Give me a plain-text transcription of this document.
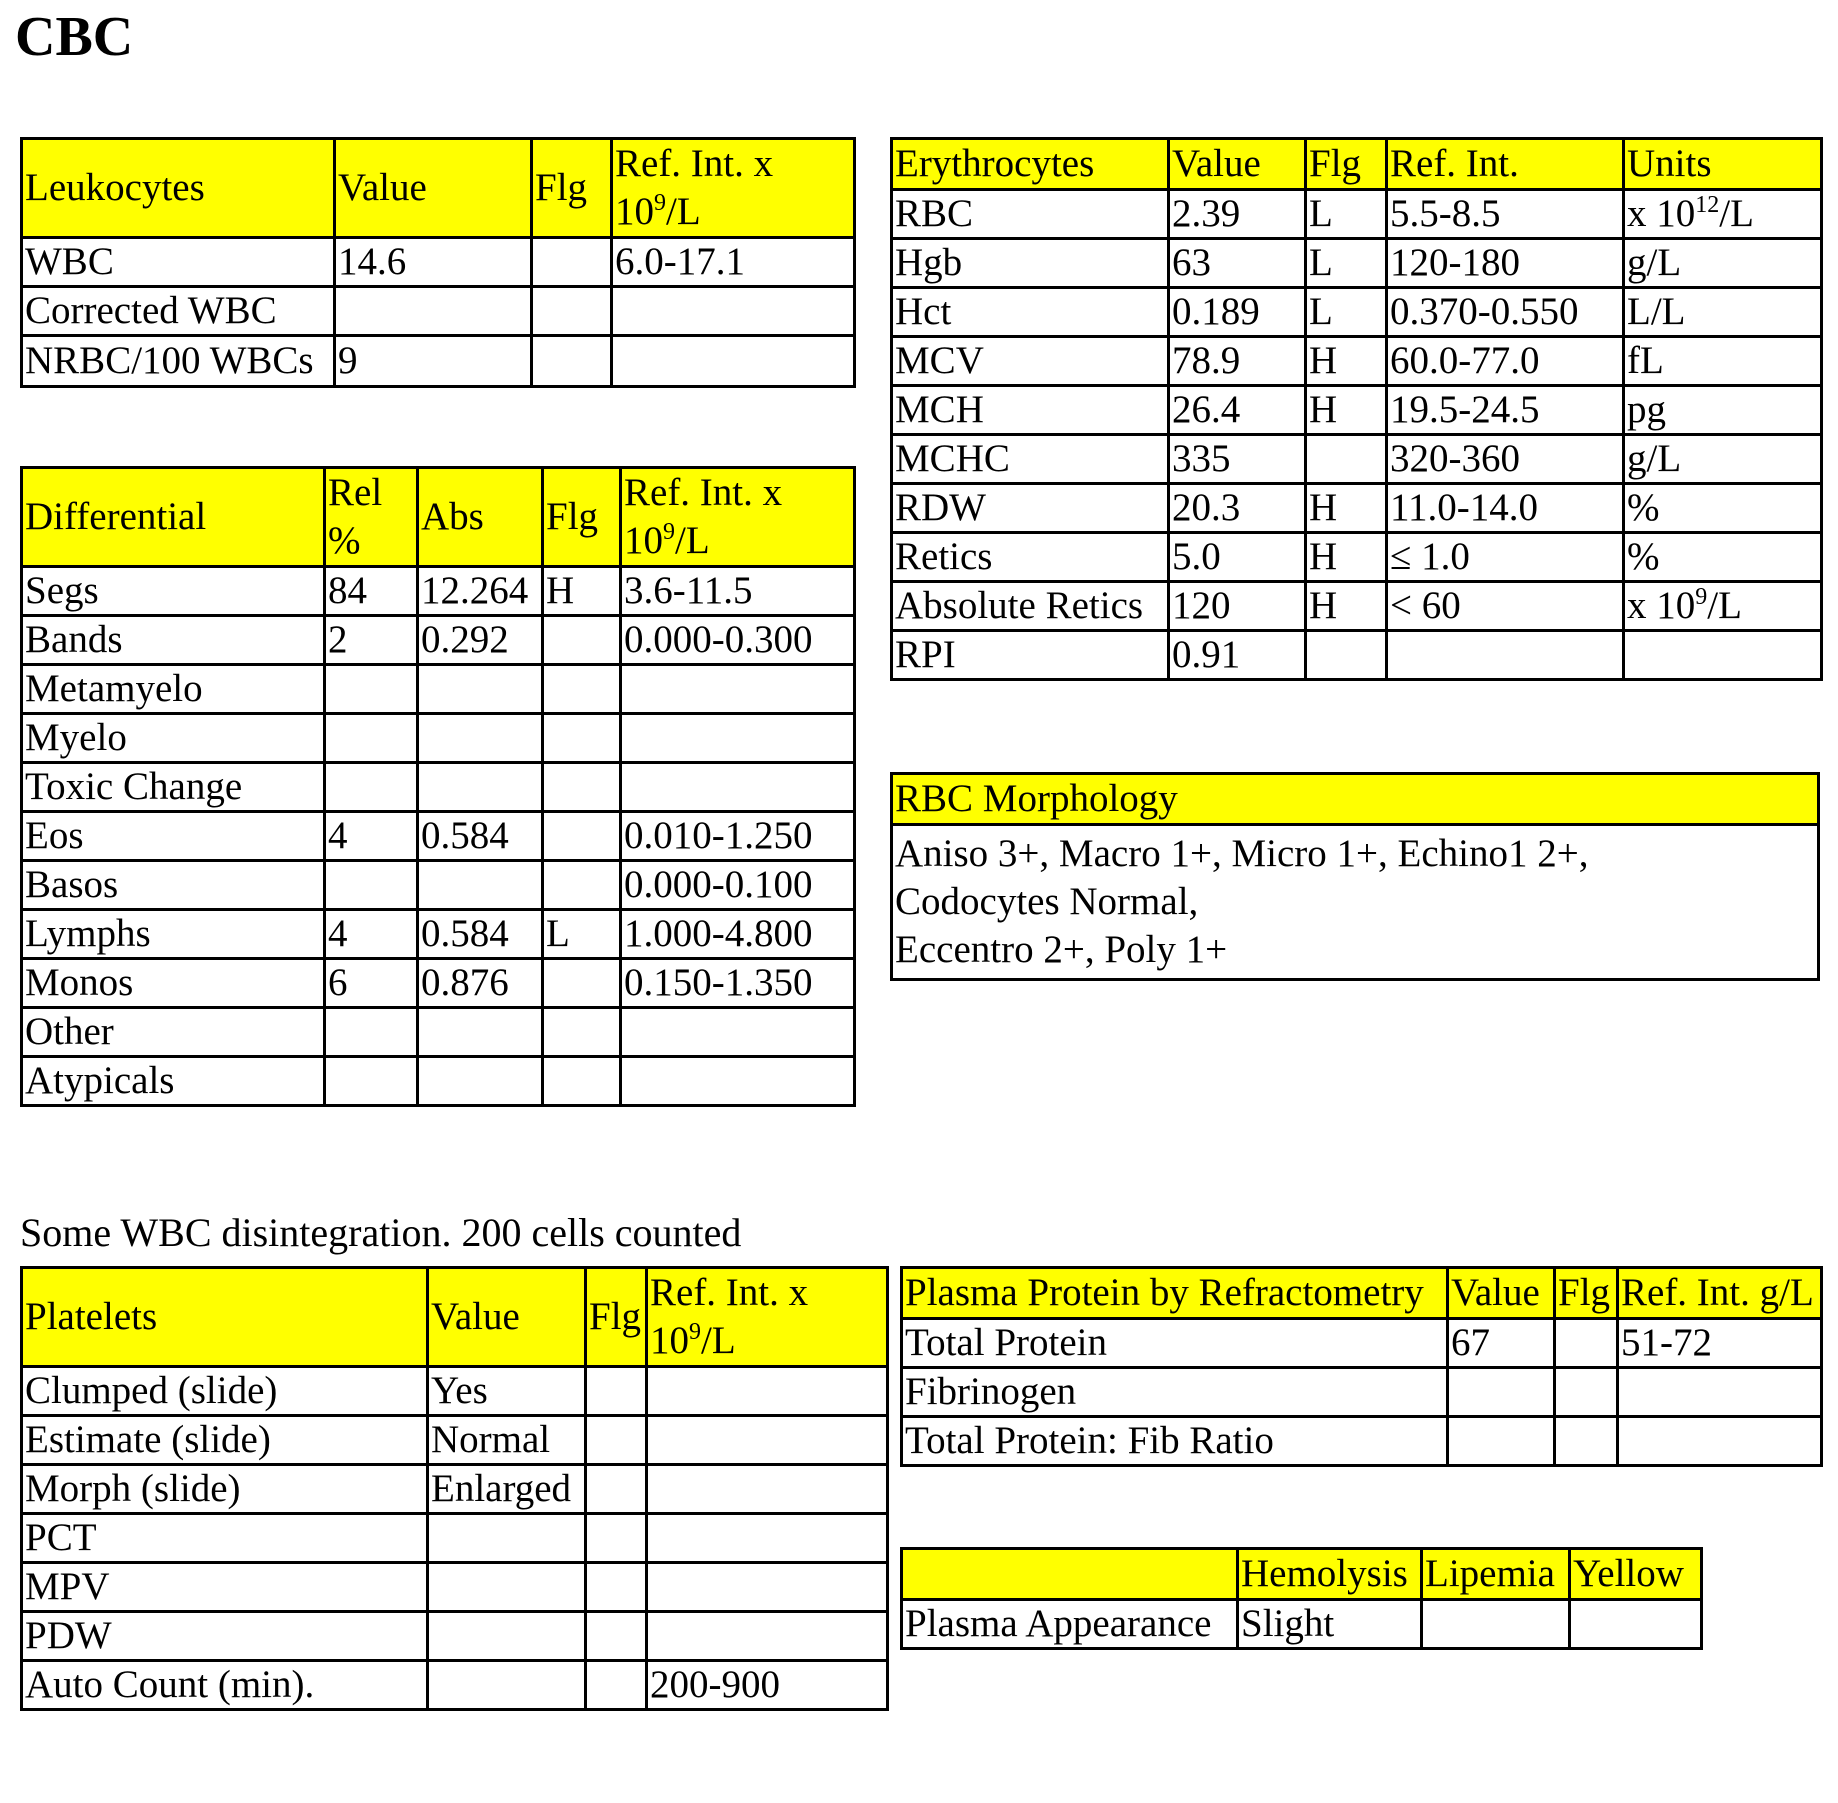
CBC
Leukocytes	Value	Flg	Ref. Int. x $10^9/L$
WBC	14.6		6.0-17.1
Corrected WBC			
NRBC/100 WBCs	9		
Differential	Rel %	Abs	Flg	Ref. Int. x $10^9/L$
Segs	84	12.264	H	3.6-11.5
Bands	2	0.292		0.000-0.300
Metamyelo				
Myelo				
Toxic Change				
Eos	4	0.584		0.010-1.250
Basos				0.000-0.100
Lymphs	4	0.584	L	1.000-4.800
Monos	6	0.876		0.150-1.350
Other				
Atypicals				
Some WBC disintegration. 200 cells counted
Erythrocytes	Value	Flg	Ref. Int.	Units
RBC	2.39	L	5.5-8.5	x $10^{12}/L$
Hgb	63	L	120-180	g/L
Hct	0.189	L	0.370-0.550	L/L
MCV	78.9	H	60.0-77.0	fL
MCH	26.4	H	19.5-24.5	pg
MCHC	335		320-360	g/L
RDW	20.3	H	11.0-14.0	%
Retics	5.0	H	≤ 1.0	%
Absolute Retics	120	H	< 60	x $10^9/L$
RPI	0.91			
RBC Morphology

Aniso 3+, Macro 1+, Micro 1+, Echino1 2+,
Codocytes Normal,
Eccentro 2+, Poly 1+
Platelets	Value	Flg	Ref. Int. x $10^9/L$
Clumped (slide)	Yes		
Estimate (slide)	Normal		
Morph (slide)	Enlarged		
PCT			
MPV			
PDW			
Auto Count (min).			200-900
Plasma Protein by Refractometry	Value	Flg	Ref. Int. g/L
Total Protein	67		51-72
Fibrinogen			
Total Protein: Fib Ratio			
	Hemolysis	Lipemia	Yellow
Plasma Appearance	Slight		
